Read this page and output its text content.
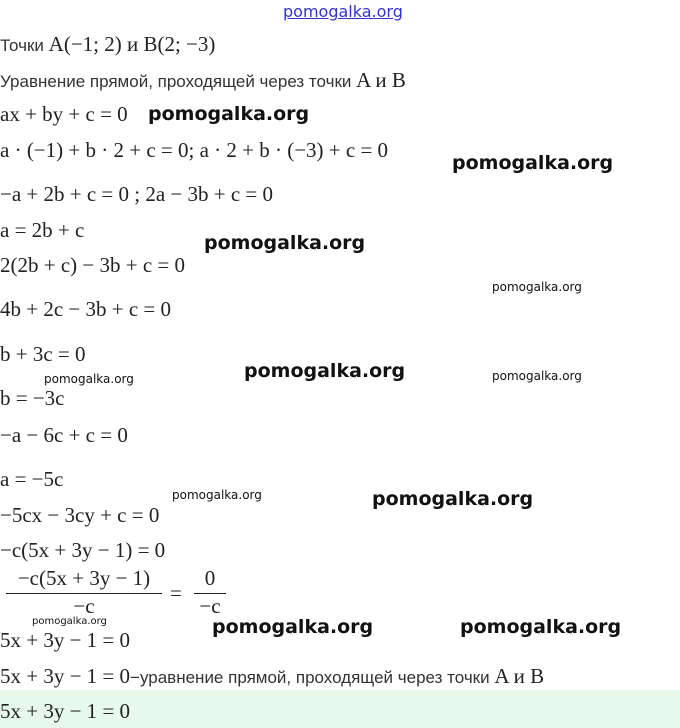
pomogalka.org
Точки A(−1; 2) и B(2; −3)
Уравнение прямой, проходящей через точки A и B
ax + by + c = 0
a · (−1) + b · 2 + c = 0; a · 2 + b · (−3) + c = 0
−a + 2b + c = 0 ; 2a − 3b + c = 0
a = 2b + c
2(2b + c) − 3b + c = 0
4b + 2c − 3b + c = 0
b + 3c = 0
b = −3c
−a − 6c + c = 0
a = −5c
−5cx − 3cy + c = 0
−c(5x + 3y − 1) = 0
−c(5x + 3y − 1)
−c
=
0
−c
5x + 3y − 1 = 0
5x + 3y − 1 = 0−уравнение прямой, проходящей через точки A и B
5x + 3y − 1 = 0
pomogalka.org
pomogalka.org
pomogalka.org
pomogalka.org
pomogalka.org
pomogalka.org	pomogalka.org
pomogalka.org	pomogalka.org
pomogalka.org	pomogalka.org	pomogalka.org
